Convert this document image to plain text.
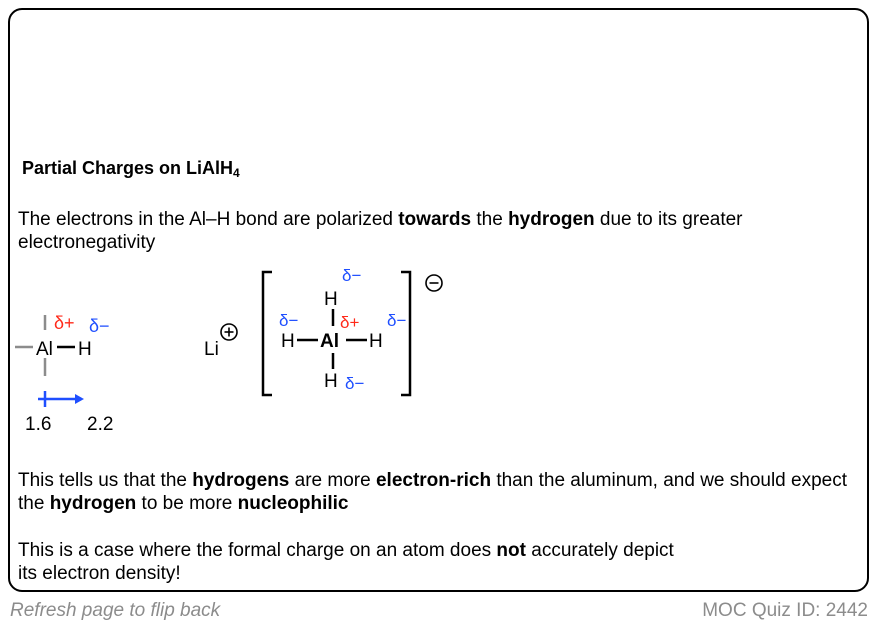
Partial Charges on LiAlH$_4$
The electrons in the Al–H bond are polarized towards the hydrogen due to its greater electronegativity
Al H
δ+ δ−
1.6 2.2
Li
H
δ−
Al
δ+
H
δ−
H
δ−
H δ−
This tells us that the hydrogens are more electron-rich than the aluminum, and we should expect the hydrogen to be more nucleophilic
This is a case where the formal charge on an atom does not accurately depict
its electron density!
Refresh page to flip back	MOC Quiz ID: 2442
